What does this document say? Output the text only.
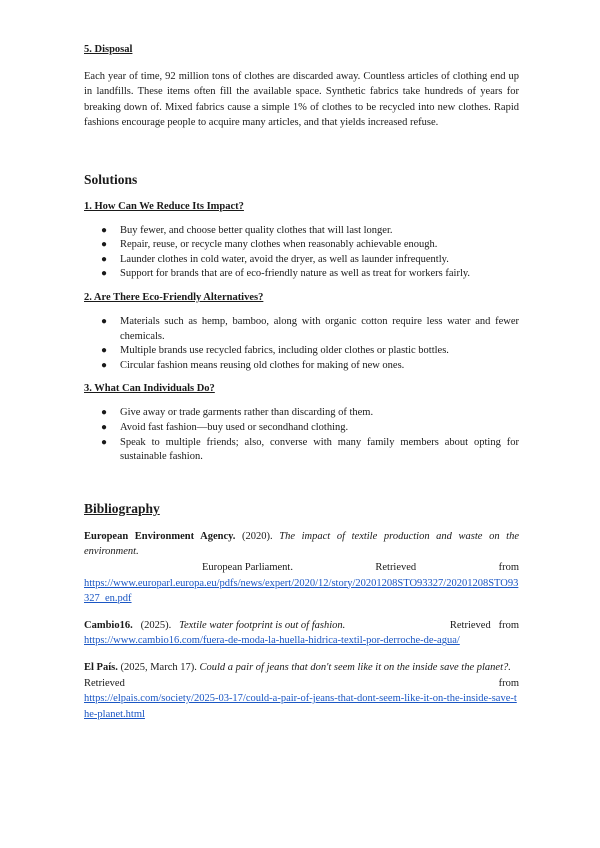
5. Disposal

Each year of time, 92 million tons of clothes are discarded away. Countless articles of clothing end up in landfills. These items often fill the available space. Synthetic fabrics take hundreds of years for breaking down of. Mixed fabrics cause a simple 1% of clothes to be recycled into new clothes. Rapid fashions encourage people to acquire many articles, and that yields increased refuse.

Solutions

1. How Can We Reduce Its Impact?

● Buy fewer, and choose better quality clothes that will last longer.
● Repair, reuse, or recycle many clothes when reasonably achievable enough.
● Launder clothes in cold water, avoid the dryer, as well as launder infrequently.
● Support for brands that are of eco-friendly nature as well as treat for workers fairly.

2. Are There Eco-Friendly Alternatives?

● Materials such as hemp, bamboo, along with organic cotton require less water and fewer chemicals.
● Multiple brands use recycled fabrics, including older clothes or plastic bottles.
● Circular fashion means reusing old clothes for making of new ones.

3. What Can Individuals Do?

● Give away or trade garments rather than discarding of them.
● Avoid fast fashion—buy used or secondhand clothing.
● Speak to multiple friends; also, converse with many family members about opting for sustainable fashion.

Bibliography

European Environment Agency. (2020). The impact of textile production and waste on the environment.
European Parliament.	Retrieved	from
https://www.europarl.europa.eu/pdfs/news/expert/2020/12/story/20201208STO93327/20201208STO93327_en.pdf
Cambio16. (2025). Textile water footprint is out of fashion.	Retrieved from
https://www.cambio16.com/fuera-de-moda-la-huella-hidrica-textil-por-derroche-de-agua/
El País. (2025, March 17). Could a pair of jeans that don't seem like it on the inside save the planet?.
Retrieved	from
https://elpais.com/society/2025-03-17/could-a-pair-of-jeans-that-dont-seem-like-it-on-the-inside-save-the-planet.html
